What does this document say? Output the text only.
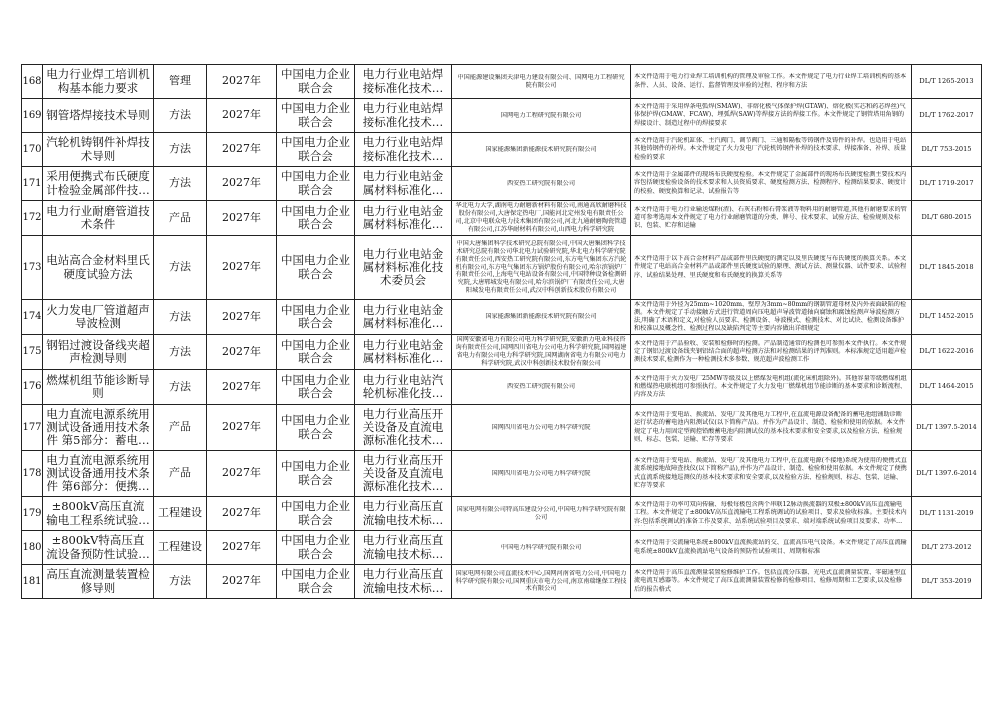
168	电力行业焊工培训机构基本能力要求	管理	2027年	中国电力企业联合会	电力行业电站焊接标准化技术委	中国能源建设集团天津电力建设有限公司、国网电力工程研究院有限公司	本文件适用于电力行业焊工培训机构的管理及审验工作。本文件规定了电力行业焊工培训机构的基本条件、人员、设备、运行、监督管理及审验的过程、程序和方法	DL/T 1265-2013

169	钢管塔焊接技术导则	方法	2027年	中国电力企业联合会	电力行业电站焊接标准化技术委	国网电力工程研究院有限公司	本文件适用于采用焊条电弧焊(SMAW)、非熔化极气体保护焊(GTAW)、熔化极(实芯和药芯焊丝)气体保护焊(GMAW、FCAW)、埋弧焊(SAW)等焊接方法的焊接工作。本文件规定了钢管塔用角钢的焊接设计、制造过程中的焊接要求	DL/T 1762-2017

170	汽轮机铸钢件补焊技术导则	方法	2027年	中国电力企业联合会	电力行业电站焊接标准化技术委	国家能源集团新能源技术研究院有限公司	本文件适用于汽轮机缸体、主汽阀门、调节阀门、三通和隔板等铸钢件及铸件的补焊。也适用于电站其他铸钢件的补焊。本文件规定了火力发电厂汽轮机铸钢件补焊的技术要求、焊接准备、补焊、质量检验的要求	DL/T 753-2015

171	采用便携式布氏硬度计检验金属部件技术	方法	2027年	中国电力企业联合会	电力行业电站金属材料标准化技	西安热工研究院有限公司	本文件适用于金属部件的现场布氏硬度检验。本文件规定了金属部件的现场布氏硬度检测主要技术内容包括硬度检验设备的技术要求和人员资质要求、硬度检测方法、检测程序、检测结果要求、硬度计的校验、硬度换算和记录、试验报告等	DL/T 1719-2017

172	电力行业耐磨管道技术条件	产品	2027年	中国电力企业联合会	电力行业电站金属材料标准化技	华北电力大学,湖南电力耐磨新材料有限公司,南通高欣耐磨科技股份有限公司,大唐保定热电厂,国能河北定州发电有限责任公司,北京中电联众电力技术集团有限公司,河北九通耐磨陶瓷管道有限公司,江苏华耐材料有限公司,山西电力科学研究院	本文件适用于电力行业输送煤粉(渣)、石灰石粉和石膏浆液等物料用的耐磨管道,其他有耐磨要求的管道可参考选用本文件规定了电力行业耐磨管道的分类、牌号、技术要求、试验方法、检验规则及标识、包装、贮存和运输	DL/T 680-2015

173	电站高合金材料里氏硬度试验方法	方法	2027年	中国电力企业联合会	电力行业电站金属材料标准化技术委员会	中国大唐集团科学技术研究总院有限公司,中国大唐集团科学技术研究总院有限公司华北电力试验研究院,华北电力科学研究院有限责任公司,西安热工研究院有限公司,东方电气集团东方汽轮机有限公司,东方电气集团东方锅炉股份有限公司,哈尔滨锅炉厂有限责任公司,上海电气电站设备有限公司,中国特种设备检测研究院,大唐郓城发电有限公司,哈尔滨锅炉厂有限责任公司,大唐阳城发电有限责任公司,武汉中科创新技术股份有限公司	本文件适用于以下高合金材料产品或部件里氏硬度的测定以及里氏硬度与布氏硬度的换算关系。本文件规定了电站高合金材料产品或部件里氏硬度试验的原理、测试方法、测量仪器、试件要求、试验程序、试验结果处理、里氏硬度和布氏硬度的换算关系等	DL/T 1845-2018

174	火力发电厂管道超声导波检测	方法	2027年	中国电力企业联合会	电力行业电站金属材料标准化技	国家能源集团新能源技术研究院有限公司	本文件适用于外径为25mm~1020mm、壁厚为3mm~80mm的钢制管道母材及内外表面缺陷的检测。本文件规定了手动接触方式进行管道周向压电超声导波管道轴向腐蚀和腐蚀检测声导波检测方法,明确了术语和定义,对检验人员要求、检测设备、导波模式、检测技术、对比试块、检测设备维护和校准以及概念性、检测过程以及缺陷判定等主要内容做出详细规定	DL/T 1452-2015

175	钢铝过渡设备线夹超声检测导则	方法	2027年	中国电力企业联合会	电力行业电站金属材料标准化技	国网安徽省电力有限公司电力科学研究院,安徽新力电业科技咨询有限责任公司,国网四川省电力公司电力科学研究院,国网福建省电力有限公司电力科学研究院,国网湖南省电力有限公司电力科学研究院,武汉中科创新技术股份有限公司	本文件适用于产品验收、安装和检修时的检测。产品制造通常的检测也可参照本文件执行。本文件规定了钢铝过渡设备线夹钢铝结合面的超声检测方法和对检测结果的评判准则。本标准规定适用超声检测技术要求,检测作为一种检测技术多参数、规范超声波检测工作	DL/T 1622-2016

176	燃煤机组节能诊断导则	方法	2027年	中国电力企业联合会	电力行业电站汽轮机标准化技术	西安热工研究院有限公司	本文件适用于火力发电厂25MW等级及以上燃煤发电机组(流化床机组除外)。其他容量等级燃煤机组和燃煤热电联机组可参照执行。本文件规定了火力发电厂燃煤机组节能诊断的基本要求和诊断流程、内容及方法	DL/T 1464-2015

177	电力直流电源系统用测试设备通用技术条件 第5部分：蓄电池	产品	2027年	中国电力企业联合会	电力行业高压开关设备及直流电源标准化技术委	国网四川省电力公司电力科学研究院	本文件适用于变电站、换流站、发电厂及其他电力工程中,在直流电源设备配备的蓄电池组铺助诊断运行状态的蓄电池内阻测试仪(以下简称产品)。并作为产品设计、制造、检验和使用的依据。本文件规定了电力用固定型阀控铅酸蓄电池内阻测试仪的基本技术要求和安全要求,以及检验方法、检验规则、标志、包装、运输、贮存等要求	DL/T 1397.5-2014

178	电力直流电源系统用测试设备通用技术条件 第6部分：便携式	产品	2027年	中国电力企业联合会	电力行业高压开关设备及直流电源标准化技术委	国网四川省电力公司电力科学研究院	本文件适用于变电站、换流站、发电厂及其他电力工程中,在直流电源(不接地)系统为使用的便携式直流系统接地故障查找仪(以下简称产品),并作为产品设计、制造、检验和使用依据。本文件规定了便携式直流系统接地巡测仪的基本技术要求和安全要求,以及检验方法、检验规则、标志、包装、运输、贮存等要求	DL/T 1397.6-2014

179	±800kV高压直流输电工程系统试验规	工程建设	2027年	中国电力企业联合会	电力行业高压直流输电技术标准	国家电网有限公司特高压建设分公司,中国电力科学研究院有限公司	本文件适用于功率可双向传输、每极每极包含两个串联12脉动换流器的双极±800kV高压直流输电工程。本文件规定了±800kV高压直流输电工程系统调试的试验项目、要求及验收标准。主要技术内容:包括系统调试的准备工作及要求、站系统试验项目及要求、端对端系统试验项目及要求、功率正	DL/T 1131-2019

180	±800kV特高压直流设备预防性试验规	工程建设	2027年	中国电力企业联合会	电力行业高压直流输电技术标准	中国电力科学研究院有限公司	本文件适用于交流输电系统±800kV直流换流站的交、直流高压电气设备。本文件规定了高压直流输电系统±800kV直流换流站电气设备的预防性试验项目、周期和标准	DL/T 273-2012

181	高压直流测量装置检修导则	方法	2027年	中国电力企业联合会	电力行业高压直流输电技术标准	国家电网有限公司直流技术中心,国网河南省电力公司,中国电力科学研究院有限公司,国网重庆市电力公司,南京南瑞继保工程技术有限公司	本文件适用于高压直流测量装置检修维护工作。包括直流分压器、光电式直流测量装置、零磁通型直流电流互感器等。本文件规定了高压直流测量装置检修的检修项目、检修周期和工艺要求,以及检修后的报告格式	DL/T 353-2019
